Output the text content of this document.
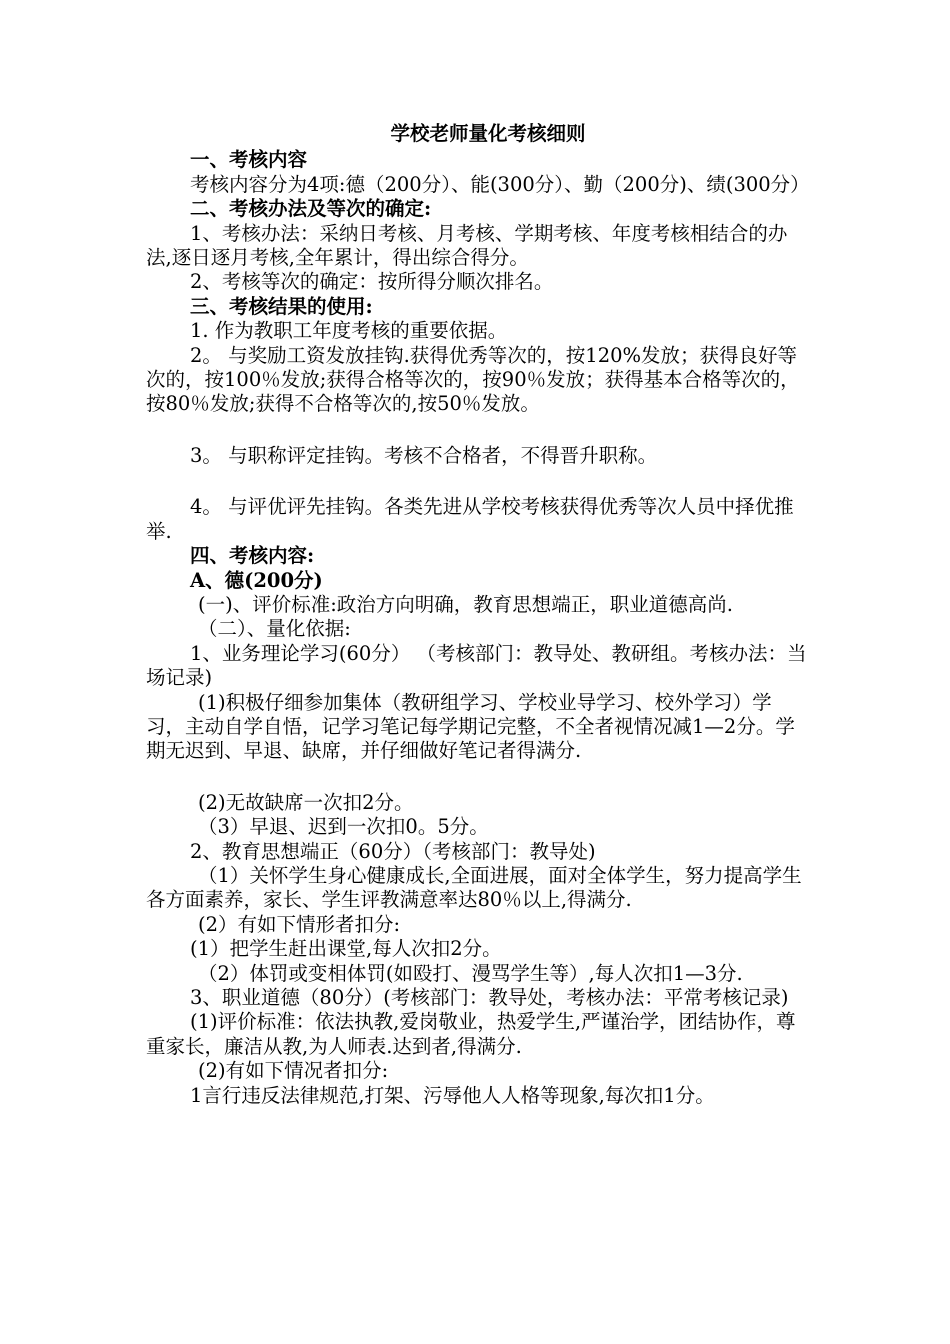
学校老师量化考核细则

一、考核内容

考核内容分为4项:德（200分）、能(300分）、勤（200分)、绩(300分）

二、考核办法及等次的确定:

1、考核办法：采纳日考核、月考核、学期考核、年度考核相结合的办法,逐日逐月考核,全年累计，得出综合得分。

2、考核等次的确定：按所得分顺次排名。

三、考核结果的使用:

1. 作为教职工年度考核的重要依据。

2。 与奖励工资发放挂钩.获得优秀等次的，按120%发放；获得良好等次的，按100％发放;获得合格等次的，按90％发放；获得基本合格等次的，按80％发放;获得不合格等次的,按50％发放。

3。 与职称评定挂钩。考核不合格者，不得晋升职称。

4。 与评优评先挂钩。各类先进从学校考核获得优秀等次人员中择优推举.

四、考核内容:

A、德(200分)

(一)、评价标准:政治方向明确，教育思想端正，职业道德高尚.

（二）、量化依据:

1、业务理论学习(60分） （考核部门：教导处、教研组。考核办法：当场记录)

(1)积极仔细参加集体（教研组学习、学校业导学习、校外学习）学习，主动自学自悟，记学习笔记每学期记完整，不全者视情况减1—2分。学期无迟到、早退、缺席，并仔细做好笔记者得满分.

(2)无故缺席一次扣2分。

（3）早退、迟到一次扣0。5分。

2、教育思想端正（60分）（考核部门：教导处)

（1）关怀学生身心健康成长,全面进展，面对全体学生，努力提高学生各方面素养，家长、学生评教满意率达80％以上,得满分.

(2）有如下情形者扣分:

(1）把学生赶出课堂,每人次扣2分。

（2）体罚或变相体罚(如殴打、漫骂学生等）,每人次扣1—3分.

3、职业道德（80分）(考核部门：教导处，考核办法：平常考核记录)

(1)评价标准：依法执教,爱岗敬业，热爱学生,严谨治学，团结协作，尊重家长，廉洁从教,为人师表.达到者,得满分.

(2)有如下情况者扣分:

1言行违反法律规范,打架、污辱他人人格等现象,每次扣1分。
